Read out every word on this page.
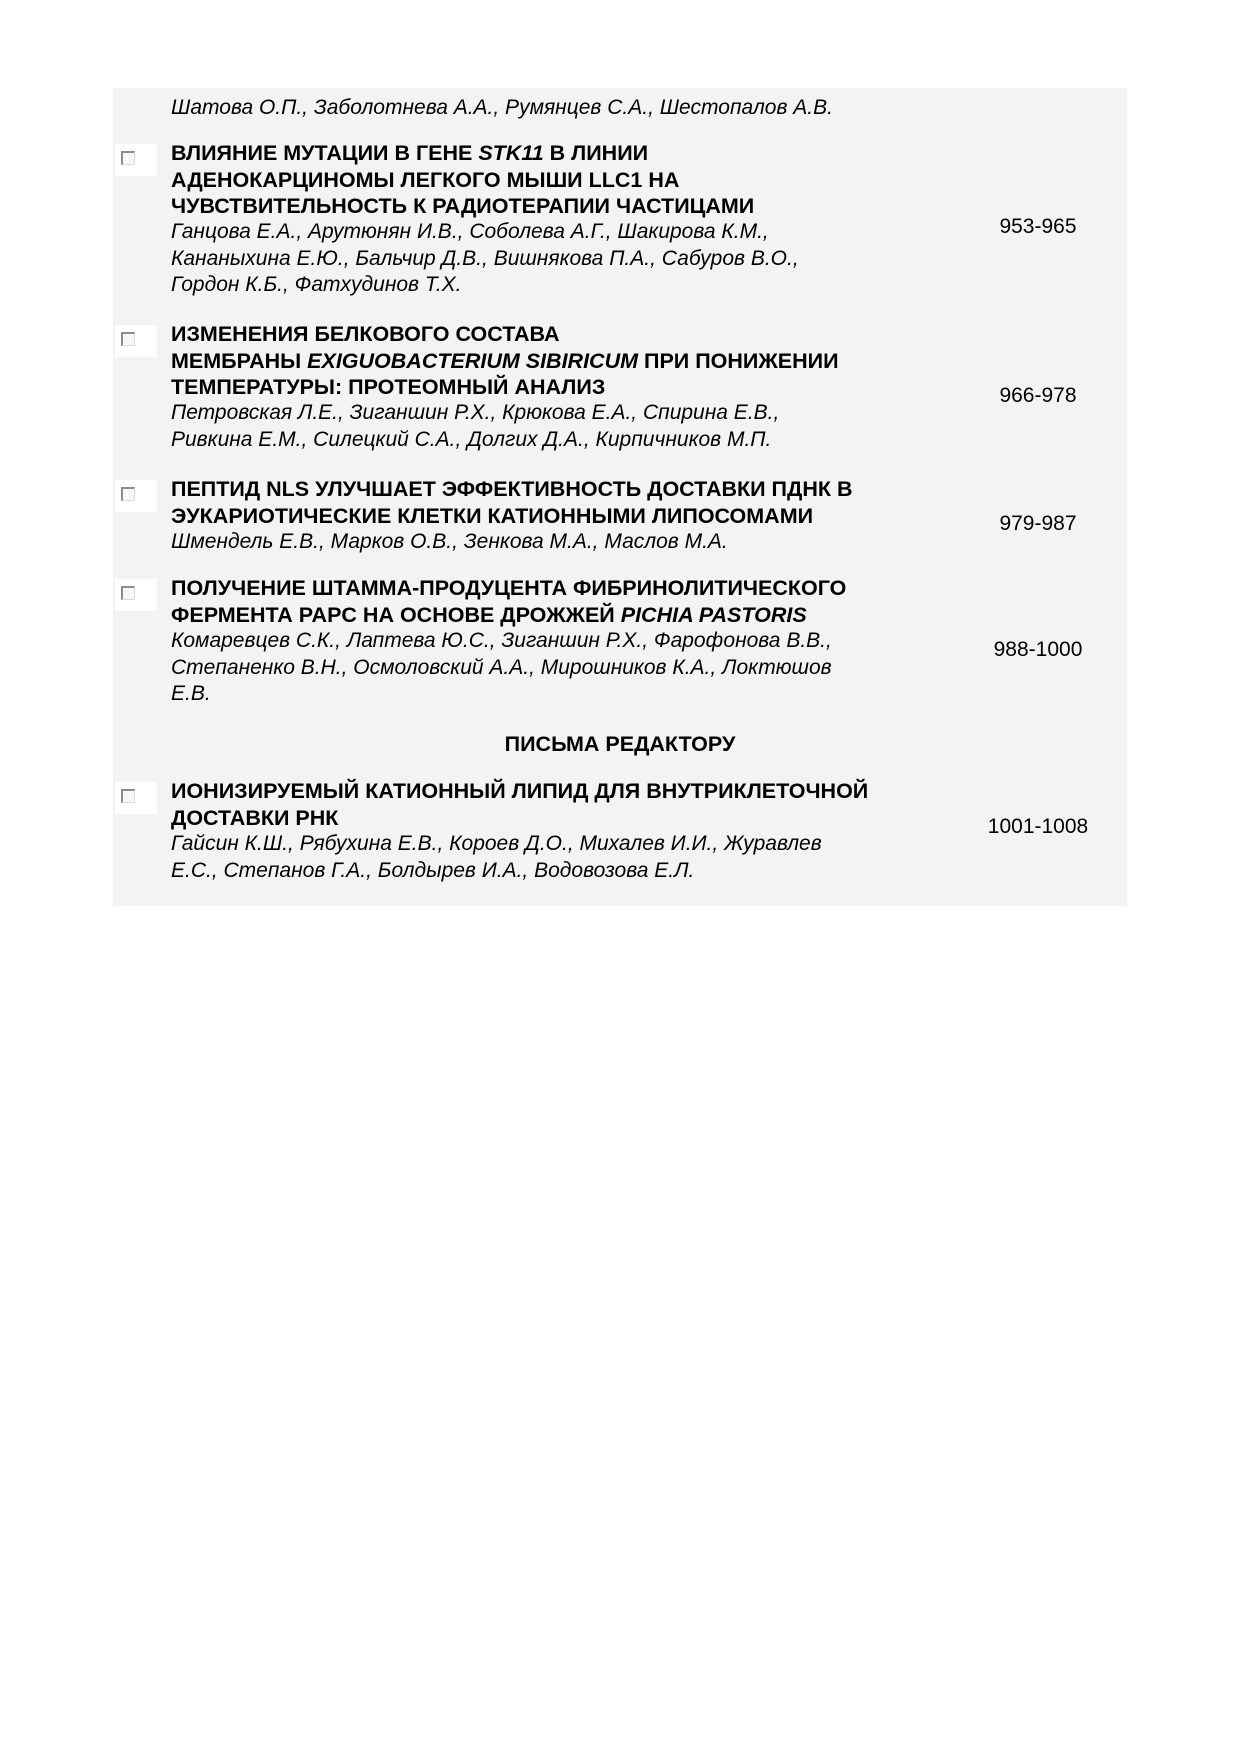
Шатова О.П., Заболотнева А.А., Румянцев С.А., Шестопалов А.В.
ВЛИЯНИЕ МУТАЦИИ В ГЕНЕ STK11 В ЛИНИИ
АДЕНОКАРЦИНОМЫ ЛЕГКОГО МЫШИ LLC1 НА
ЧУВСТВИТЕЛЬНОСТЬ К РАДИОТЕРАПИИ ЧАСТИЦАМИ
Ганцова Е.А., Арутюнян И.В., Соболева А.Г., Шакирова К.М.,
Кананыхина Е.Ю., Бальчир Д.В., Вишнякова П.А., Сабуров В.О.,
Гордон К.Б., Фатхудинов Т.Х.
953-965
ИЗМЕНЕНИЯ БЕЛКОВОГО СОСТАВА
МЕМБРАНЫ EXIGUOBACTERIUM SIBIRICUM ПРИ ПОНИЖЕНИИ
ТЕМПЕРАТУРЫ: ПРОТЕОМНЫЙ АНАЛИЗ
Петровская Л.Е., Зиганшин Р.Х., Крюкова Е.А., Спирина Е.В.,
Ривкина Е.М., Силецкий С.А., Долгих Д.А., Кирпичников М.П.
966-978
ПЕПТИД NLS УЛУЧШАЕТ ЭФФЕКТИВНОСТЬ ДОСТАВКИ ПДНК В
ЭУКАРИОТИЧЕСКИЕ КЛЕТКИ КАТИОННЫМИ ЛИПОСОМАМИ
Шмендель Е.В., Марков О.В., Зенкова М.А., Маслов М.А.
979-987
ПОЛУЧЕНИЕ ШТАММА-ПРОДУЦЕНТА ФИБРИНОЛИТИЧЕСКОГО
ФЕРМЕНТА PAPC НА ОСНОВЕ ДРОЖЖЕЙ PICHIA PASTORIS
Комаревцев С.К., Лаптева Ю.С., Зиганшин Р.Х., Фарофонова В.В.,
Степаненко В.Н., Осмоловский А.А., Мирошников К.А., Локтюшов
Е.В.
988-1000
ПИСЬМА РЕДАКТОРУ
ИОНИЗИРУЕМЫЙ КАТИОННЫЙ ЛИПИД ДЛЯ ВНУТРИКЛЕТОЧНОЙ
ДОСТАВКИ РНК
Гайсин К.Ш., Рябухина Е.В., Короев Д.О., Михалев И.И., Журавлев
Е.С., Степанов Г.А., Болдырев И.А., Водовозова Е.Л.
1001-1008
